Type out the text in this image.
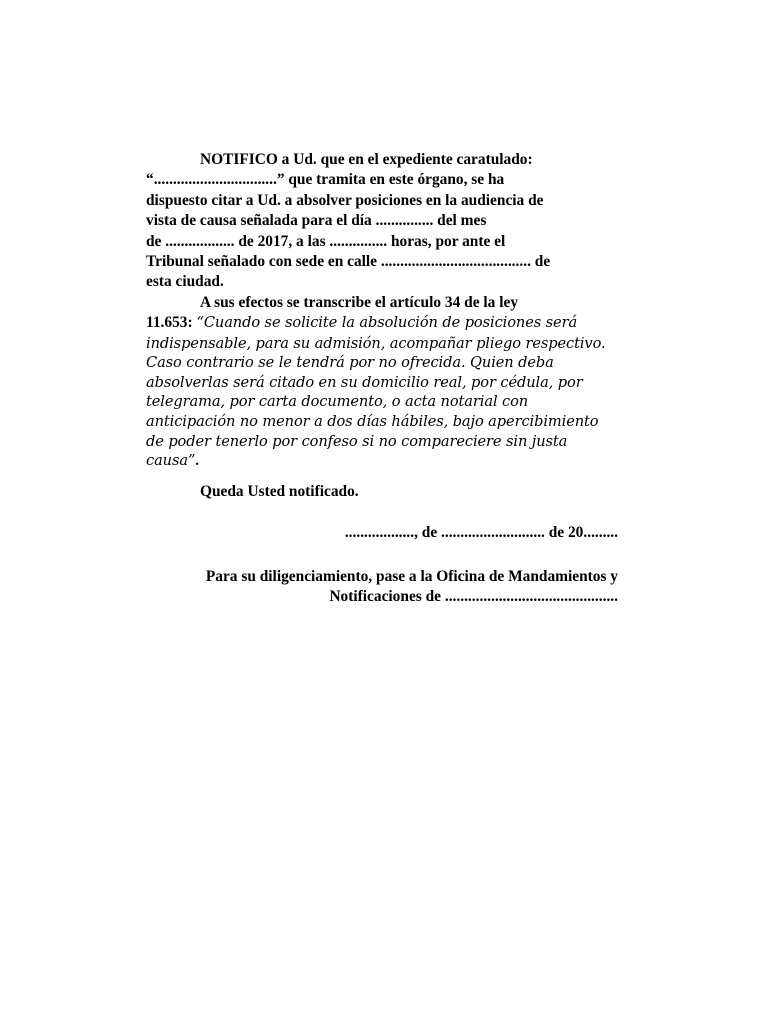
NOTIFICO a Ud. que en el expediente caratulado:
“................................” que tramita en este órgano, se ha
dispuesto citar a Ud. a absolver posiciones en la audiencia de
vista de causa señalada para el día ............... del mes
de .................. de 2017, a las ............... horas, por ante el
Tribunal señalado con sede en calle ....................................... de
esta ciudad.
A sus efectos se transcribe el artículo 34 de la ley
11.653: “Cuando se solicite la absolución de posiciones será
indispensable, para su admisión, acompañar pliego respectivo.
Caso contrario se le tendrá por no ofrecida. Quien deba
absolverlas será citado en su domicilio real, por cédula, por
telegrama, por carta documento, o acta notarial con
anticipación no menor a dos días hábiles, bajo apercibimiento
de poder tenerlo por confeso si no compareciere sin justa
causa”.
Queda Usted notificado.
.................., de ........................... de 20.........
Para su diligenciamiento, pase a la Oficina de Mandamientos y
Notificaciones de .............................................
